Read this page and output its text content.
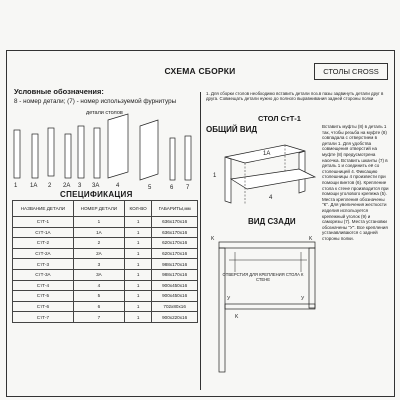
СХЕМА СБОРКИ	СТОЛЫ CROSS
Условные обозначения:
8 - номер детали; (7) - номер используемой фурнитуры
детали столов
1 1А 2 2А 3 3А	4	5	6 7
СПЕЦИФИКАЦИЯ
НАЗВАНИЕ ДЕТАЛИ	НОМЕР ДЕТАЛИ	КОЛ-ВО	ГАБАРИТЫ,мм
СтТ-1	1	1	636х170х16
СтТ-1А	1А	1	636х170х16
СтТ-2	2	1	620х170х16
СтТ-2А	2А	1	620х170х16
СтТ-3	3	1	988х170х16
СтТ-3А	3А	1	988х170х16
СтТ-4	4	1	900х450х16
СтТ-5	5	1	900х450х16
СтТ-6	6	1	702х80х16
СтТ-7	7	1	900х220х16
1. Для сборки столов необходимо вставить детали поз.в пазы задвинуть детали друг в друга. Совмещать детали нужно до полного выравнивания задней стороны полки
ОБЩИЙ ВИД
СТОЛ СтТ-1
1А
1
4
ВИД СЗАДИ
K	K
У	У
K
ОТВЕРСТИЯ ДЛЯ КРЕПЛЕНИЯ СТОЛА К СТЕНЕ
Вставить муфты (8) в деталь 1 так, чтобы резьба на муфте (8) совпадала с отверстием в детали 1. Для удобства совмещения отверстий на муфте (8) предусмотрена насечка. Вставить шканты (7) в деталь 1 и соединить её со столешницей 4. Фиксацию столешницы 4 произвести при помощи винтов (6). Крепление стола к стене производится при помощи уголового крепежа (5). Места крепления обозначены "К". Для увеличения жесткости изделия используется крепежный уголок (9) и саморезы (7). Места установки обозначены "У". Все крепления устанавливаются с задней стороны полки.
